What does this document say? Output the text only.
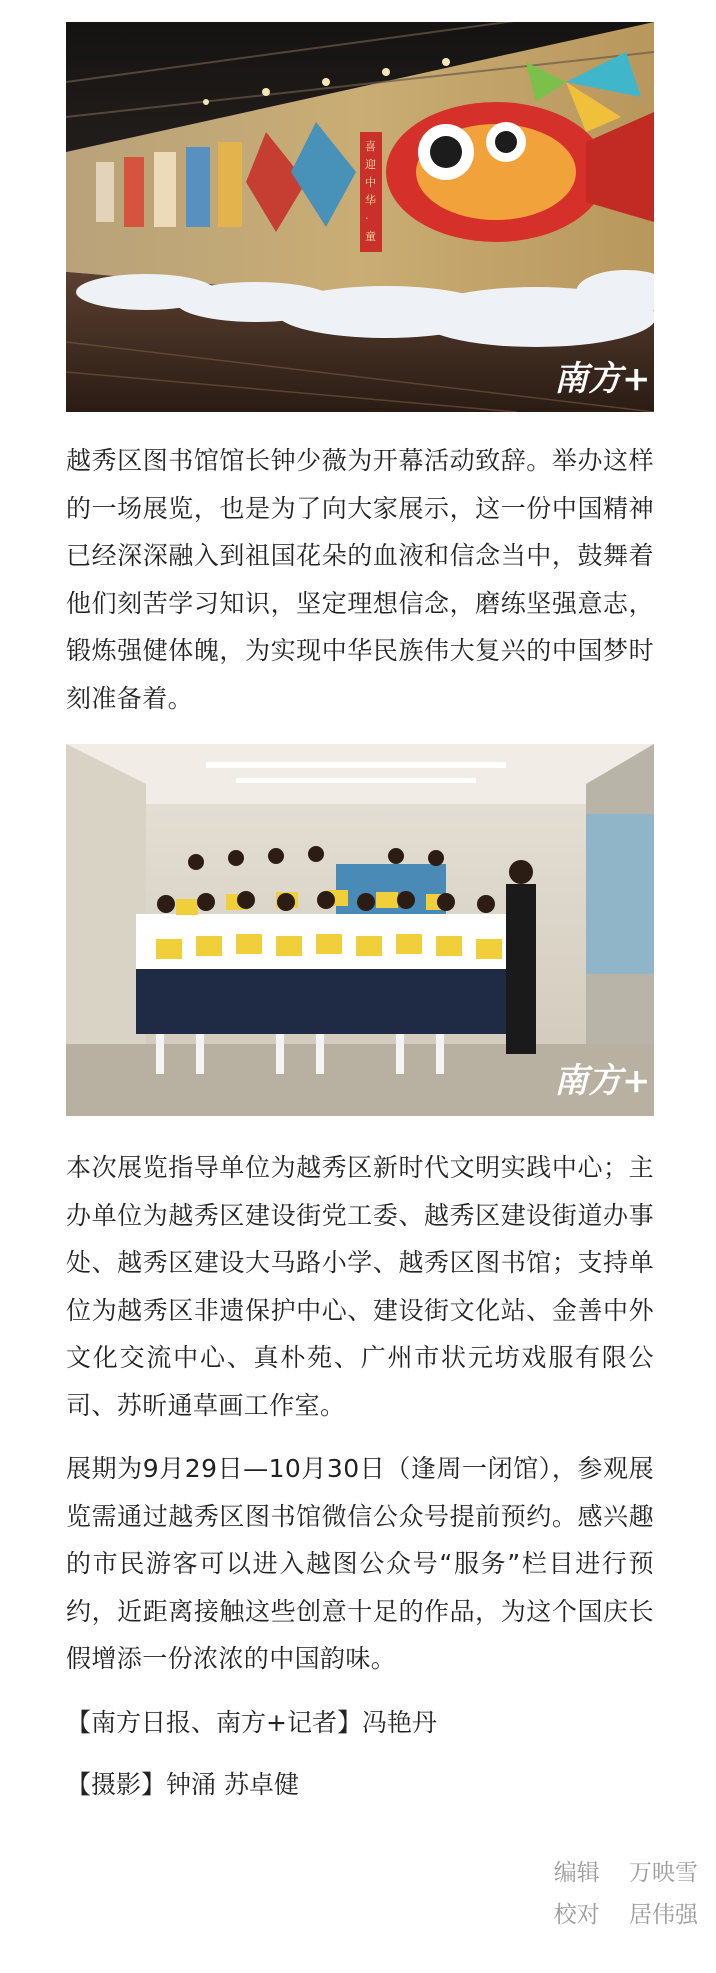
喜
迎
中
华
·
童
南方+

越秀区图书馆馆长钟少薇为开幕活动致辞。举办这样的一场展览，也是为了向大家展示，这一份中国精神已经深深融入到祖国花朵的血液和信念当中，鼓舞着他们刻苦学习知识，坚定理想信念，磨练坚强意志，锻炼强健体魄，为实现中华民族伟大复兴的中国梦时刻准备着。

南方+

本次展览指导单位为越秀区新时代文明实践中心；主办单位为越秀区建设街党工委、越秀区建设街道办事处、越秀区建设大马路小学、越秀区图书馆；支持单位为越秀区非遗保护中心、建设街文化站、金善中外文化交流中心、真朴苑、广州市状元坊戏服有限公司、苏昕通草画工作室。

展期为9月29日—10月30日（逢周一闭馆），参观展览需通过越秀区图书馆微信公众号提前预约。感兴趣的市民游客可以进入越图公众号“服务”栏目进行预约，近距离接触这些创意十足的作品，为这个国庆长假增添一份浓浓的中国韵味。

【南方日报、南方+记者】冯艳丹

【摄影】钟涌 苏卓健

编辑 万映雪
校对 居伟强
